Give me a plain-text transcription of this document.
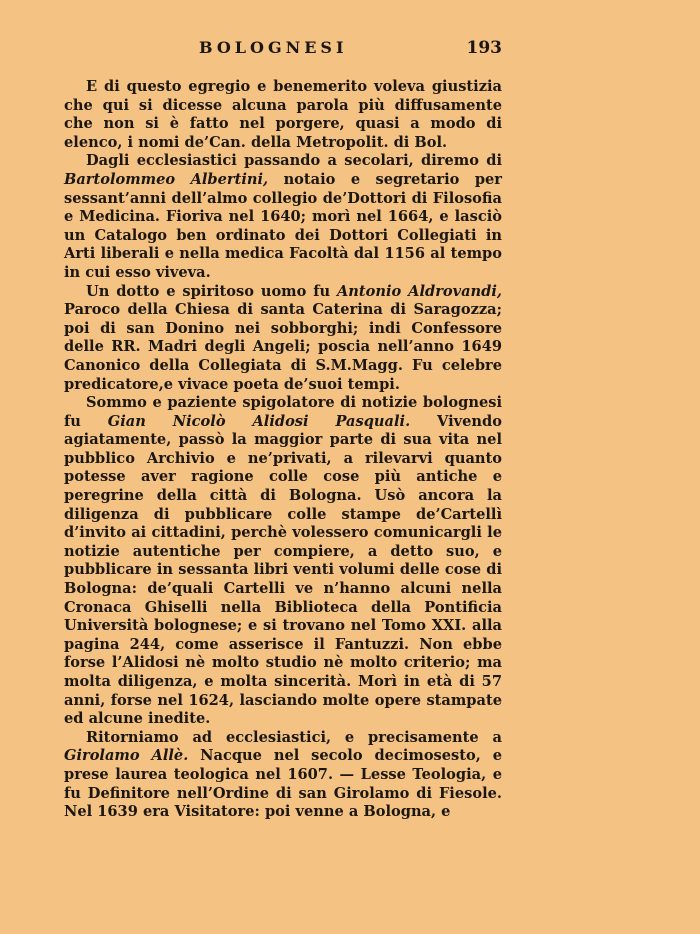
BOLOGNESI	193

E di questo egregio e benemerito voleva giustizia che qui si dicesse alcuna parola più diffusamente che non si è fatto nel porgere, quasi a modo di elenco, i nomi de’Can. della Metropolit. di Bol.

Dagli ecclesiastici passando a secolari, diremo di Bartolommeo Albertini, notaio e segretario per sessant’anni dell’almo collegio de’Dottori di Filosofia e Medicina. Fioriva nel 1640; morì nel 1664, e lasciò un Catalogo ben ordinato dei Dottori Collegiati in Arti liberali e nella medica Facoltà dal 1156 al tempo in cui esso viveva.

Un dotto e spiritoso uomo fu Antonio Aldrovandi, Paroco della Chiesa di santa Caterina di Saragozza; poi di san Donino nei sobborghi; indi Confessore delle RR. Madri degli Angeli; poscia nell’anno 1649 Canonico della Collegiata di S.M.Magg. Fu celebre predicatore,e vivace poeta de’suoi tempi.

Sommo e paziente spigolatore di notizie bolognesi fu Gian Nicolò Alidosi Pasquali. Vivendo agiatamente, passò la maggior parte di sua vita nel pubblico Archivio e ne’privati, a rilevarvi quanto potesse aver ragione colle cose più antiche e peregrine della città di Bologna. Usò ancora la diligenza di pubblicare colle stampe de’Cartellì d’invito ai cittadini, perchè volessero comunicargli le notizie autentiche per compiere, a detto suo, e pubblicare in sessanta libri venti volumi delle cose di Bologna: de’quali Cartelli ve n’hanno alcuni nella Cronaca Ghiselli nella Biblioteca della Pontificia Università bolognese; e si trovano nel Tomo XXI. alla pagina 244, come asserisce il Fantuzzi. Non ebbe forse l’Alidosi nè molto studio nè molto criterio; ma molta diligenza, e molta sincerità. Morì in età di 57 anni, forse nel 1624, lasciando molte opere stampate ed alcune inedite.

Ritorniamo ad ecclesiastici, e precisamente a Girolamo Allè. Nacque nel secolo decimosesto, e prese laurea teologica nel 1607. — Lesse Teologia, e fu Definitore nell’Ordine di san Girolamo di Fiesole. Nel 1639 era Visitatore: poi venne a Bologna, e
